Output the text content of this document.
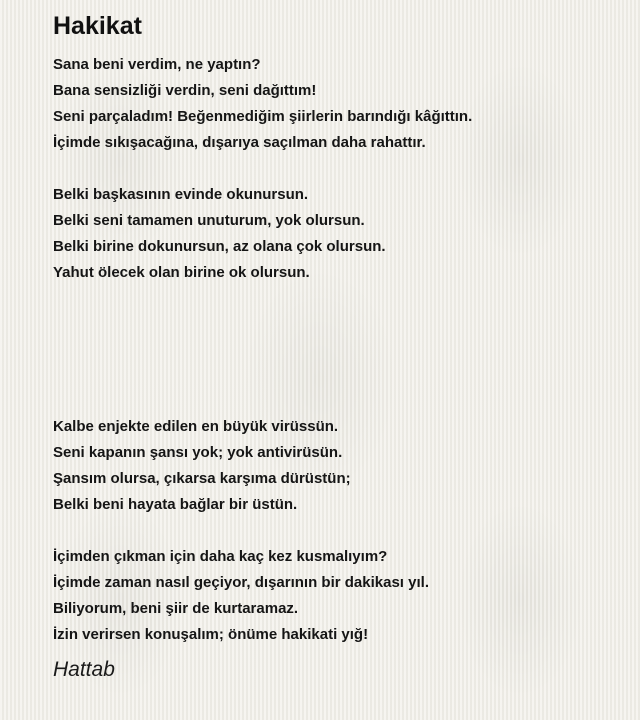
Hakikat
Sana beni verdim, ne yaptın?
Bana sensizliği verdin, seni dağıttım!
Seni parçaladım! Beğenmediğim şiirlerin barındığı kâğıttın.
İçimde sıkışacağına, dışarıya saçılman daha rahattır.
Belki başkasının evinde okunursun.
Belki seni tamamen unuturum, yok olursun.
Belki birine dokunursun, az olana çok olursun.
Yahut ölecek olan birine ok olursun.
Kalbe enjekte edilen en büyük virüssün.
Seni kapanın şansı yok; yok antivirüsün.
Şansım olursa, çıkarsa karşıma dürüstün;
Belki beni hayata bağlar bir üstün.
İçimden çıkman için daha kaç kez kusmalıyım?
İçimde zaman nasıl geçiyor, dışarının bir dakikası yıl.
Biliyorum, beni şiir de kurtaramaz.
İzin verirsen konuşalım; önüme hakikati yığ!
Hattab
